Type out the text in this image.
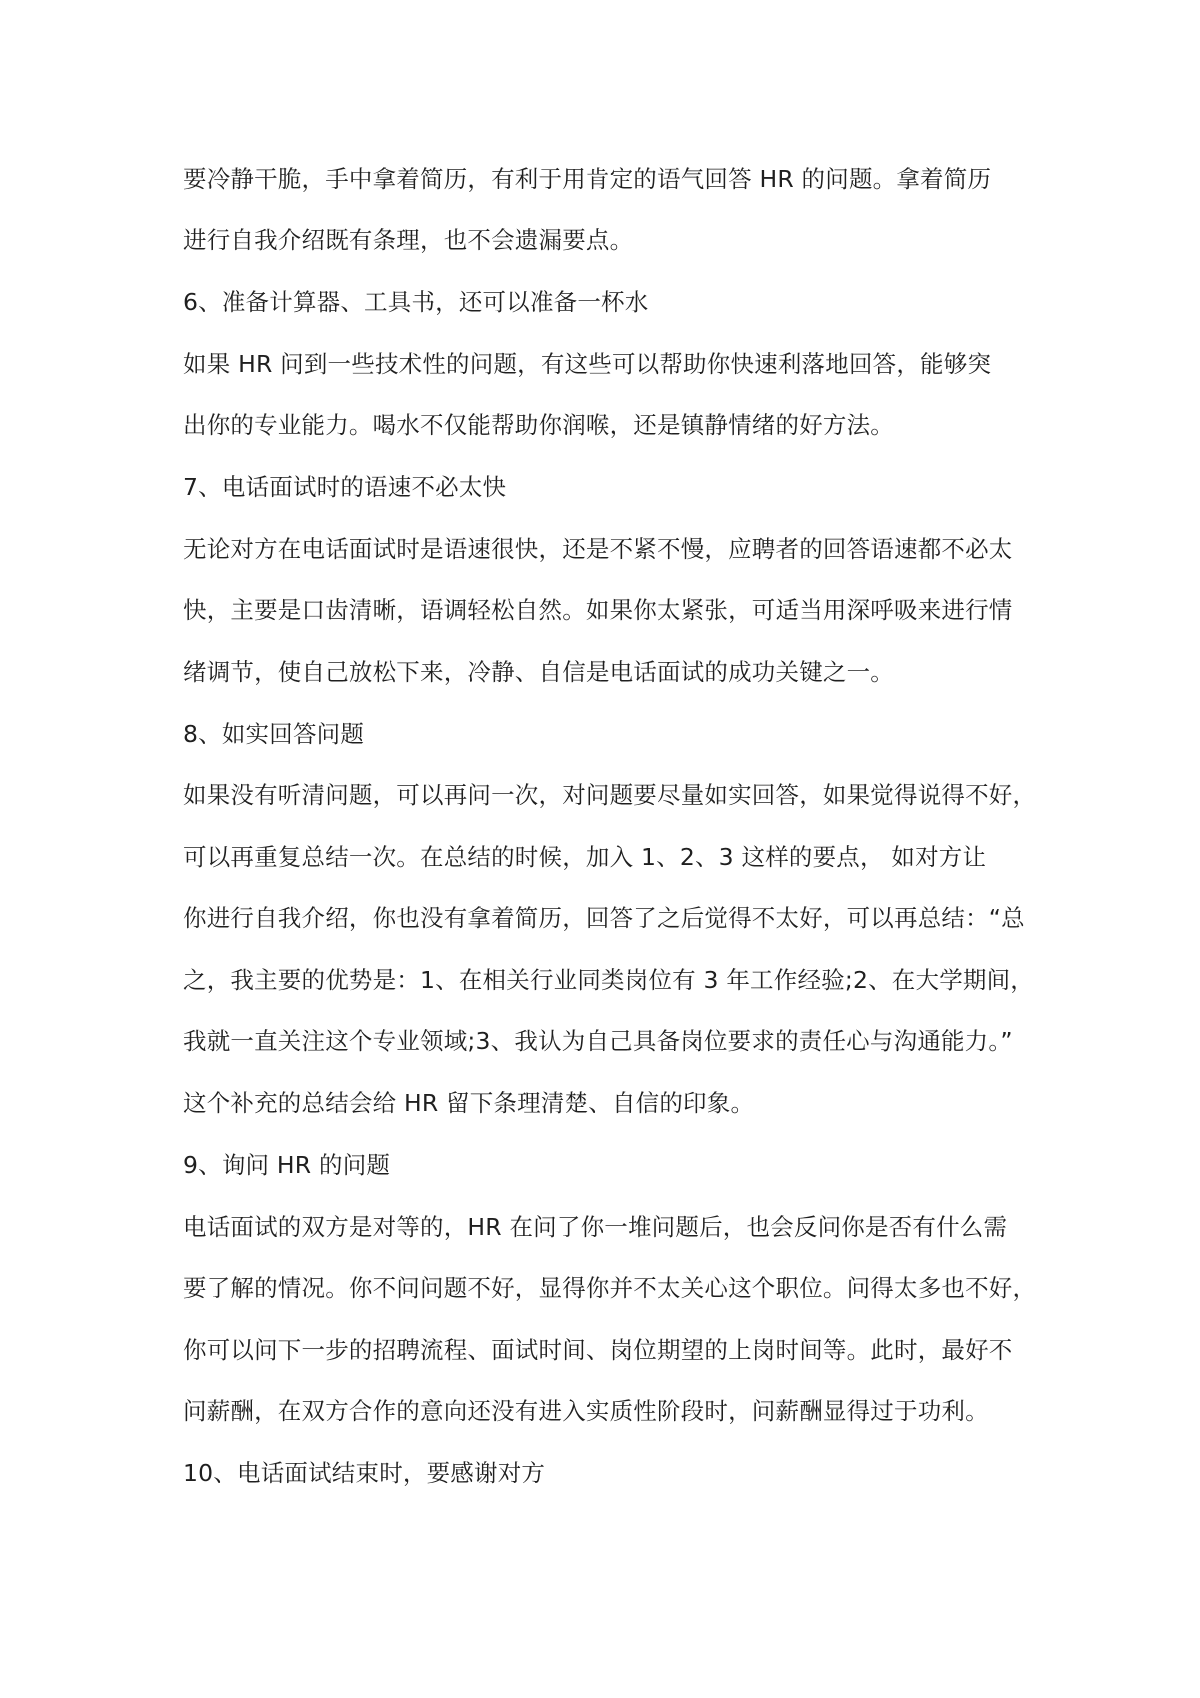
要冷静干脆，手中拿着简历，有利于用肯定的语气回答 HR 的问题。拿着简历
进行自我介绍既有条理，也不会遗漏要点。
6、准备计算器、工具书，还可以准备一杯水
如果 HR 问到一些技术性的问题，有这些可以帮助你快速利落地回答，能够突
出你的专业能力。喝水不仅能帮助你润喉，还是镇静情绪的好方法。
7、电话面试时的语速不必太快
无论对方在电话面试时是语速很快，还是不紧不慢，应聘者的回答语速都不必太
快，主要是口齿清晰，语调轻松自然。如果你太紧张，可适当用深呼吸来进行情
绪调节，使自己放松下来，冷静、自信是电话面试的成功关键之一。
8、如实回答问题
如果没有听清问题，可以再问一次，对问题要尽量如实回答，如果觉得说得不好，
可以再重复总结一次。在总结的时候，加入 1、2、3 这样的要点， 如对方让
你进行自我介绍，你也没有拿着简历，回答了之后觉得不太好，可以再总结：“总
之，我主要的优势是：1、在相关行业同类岗位有 3 年工作经验;2、在大学期间，
我就一直关注这个专业领域;3、我认为自己具备岗位要求的责任心与沟通能力。”
这个补充的总结会给 HR 留下条理清楚、自信的印象。
9、询问 HR 的问题
电话面试的双方是对等的，HR 在问了你一堆问题后，也会反问你是否有什么需
要了解的情况。你不问问题不好，显得你并不太关心这个职位。问得太多也不好，
你可以问下一步的招聘流程、面试时间、岗位期望的上岗时间等。此时，最好不
问薪酬，在双方合作的意向还没有进入实质性阶段时，问薪酬显得过于功利。
10、电话面试结束时，要感谢对方
